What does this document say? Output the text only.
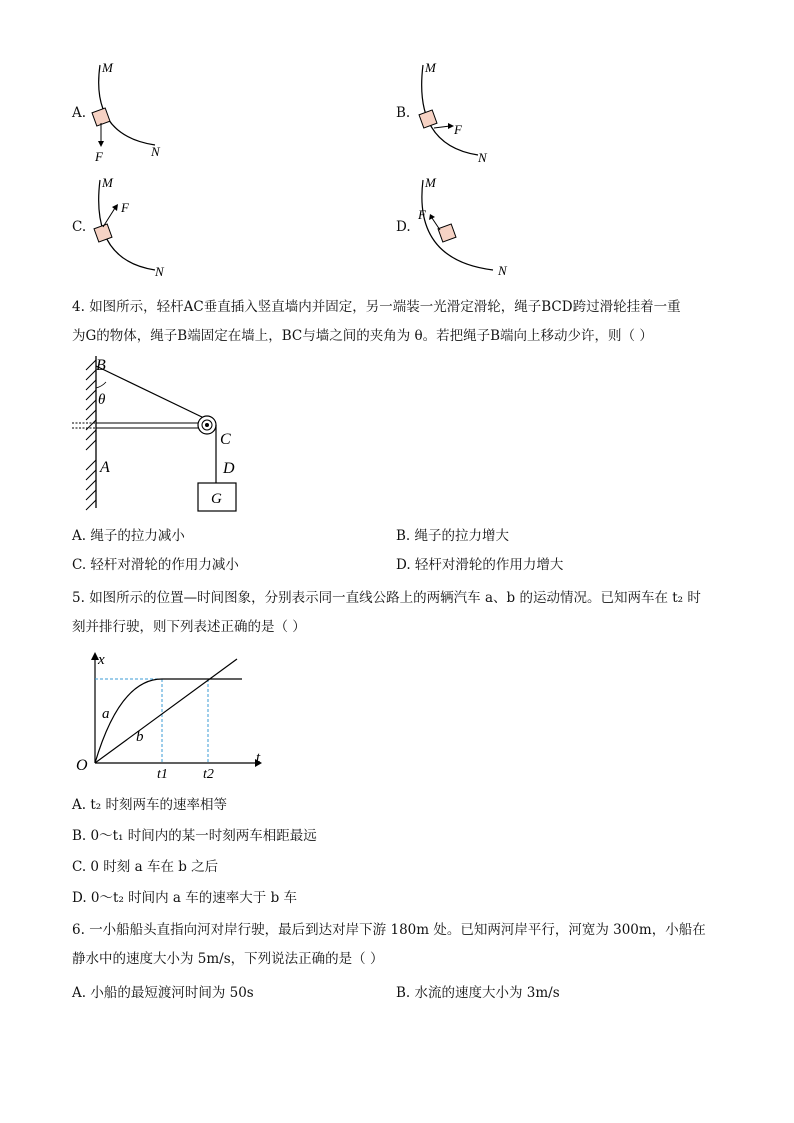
A.
M
F	N
B.
M
F
N
C.
M
F
N
D.
M
F
N
4. 如图所示，轻杆AC垂直插入竖直墙内并固定，另一端装一光滑定滑轮，绳子BCD跨过滑轮挂着一重
为G的物体，绳子B端固定在墙上，BC与墙之间的夹角为 θ。若把绳子B端向上移动少许，则（ ）
B
θ
C
A	D
G
A. 绳子的拉力减小	B. 绳子的拉力增大
C. 轻杆对滑轮的作用力减小	D. 轻杆对滑轮的作用力增大
5. 如图所示的位置—时间图象，分别表示同一直线公路上的两辆汽车 a、b 的运动情况。已知两车在 t₂ 时
刻并排行驶，则下列表述正确的是（ ）
x
t
O
a
b
t1	t2
A. t₂ 时刻两车的速率相等
B. 0～t₁ 时间内的某一时刻两车相距最远
C. 0 时刻 a 车在 b 之后
D. 0～t₂ 时间内 a 车的速率大于 b 车
6. 一小船船头直指向河对岸行驶，最后到达对岸下游 180m 处。已知两河岸平行，河宽为 300m，小船在
静水中的速度大小为 5m/s，下列说法正确的是（ ）
A. 小船的最短渡河时间为 50s	B. 水流的速度大小为 3m/s
